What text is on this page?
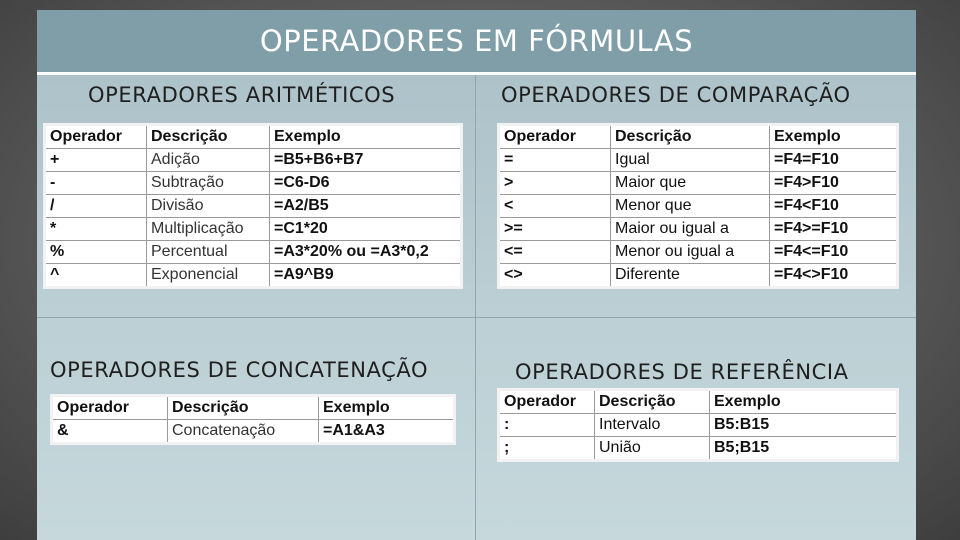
OPERADORES EM FÓRMULAS
OPERADORES ARITMÉTICOS
Operador	Descrição	Exemplo
+	Adição	=B5+B6+B7
-	Subtração	=C6-D6
/	Divisão	=A2/B5
*	Multiplicação	=C1*20
%	Percentual	=A3*20% ou =A3*0,2
^	Exponencial	=A9^B9
OPERADORES DE COMPARAÇÃO
Operador	Descrição	Exemplo
=	Igual	=F4=F10
>	Maior que	=F4>F10
<	Menor que	=F4<F10
>=	Maior ou igual a	=F4>=F10
<=	Menor ou igual a	=F4<=F10
<>	Diferente	=F4<>F10
OPERADORES DE CONCATENAÇÃO
Operador	Descrição	Exemplo
&	Concatenação	=A1&A3
OPERADORES DE REFERÊNCIA
Operador	Descrição	Exemplo
:	Intervalo	B5:B15
;	União	B5;B15
